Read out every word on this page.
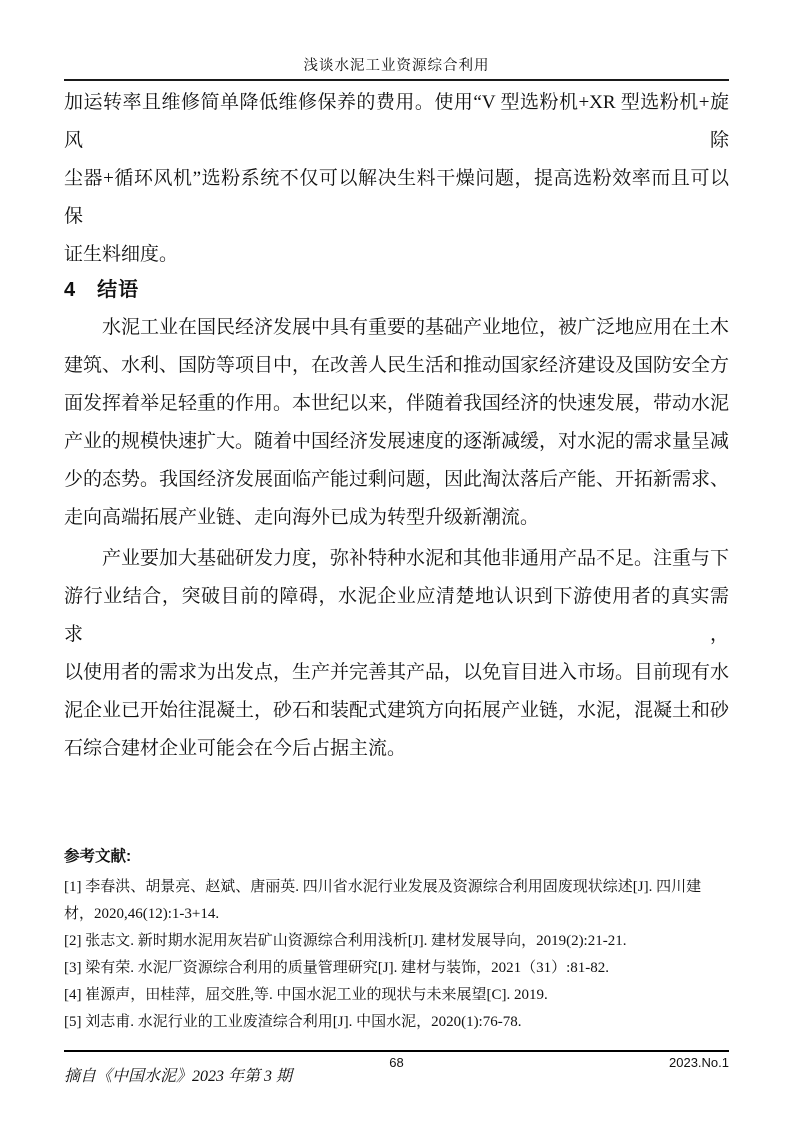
浅谈水泥工业资源综合利用
加运转率且维修简单降低维修保养的费用。使用“V 型选粉机+XR 型选粉机+旋风除
尘器+循环风机”选粉系统不仅可以解决生料干燥问题，提高选粉效率而且可以保
证生料细度。
4　结语
水泥工业在国民经济发展中具有重要的基础产业地位，被广泛地应用在土木
建筑、水利、国防等项目中，在改善人民生活和推动国家经济建设及国防安全方
面发挥着举足轻重的作用。本世纪以来，伴随着我国经济的快速发展，带动水泥
产业的规模快速扩大。随着中国经济发展速度的逐渐减缓，对水泥的需求量呈减
少的态势。我国经济发展面临产能过剩问题，因此淘汰落后产能、开拓新需求、
走向高端拓展产业链、走向海外已成为转型升级新潮流。
产业要加大基础研发力度，弥补特种水泥和其他非通用产品不足。注重与下
游行业结合，突破目前的障碍，水泥企业应清楚地认识到下游使用者的真实需求，
以使用者的需求为出发点，生产并完善其产品，以免盲目进入市场。目前现有水
泥企业已开始往混凝土，砂石和装配式建筑方向拓展产业链，水泥，混凝土和砂
石综合建材企业可能会在今后占据主流。
参考文献:
[1] 李春洪、胡景亮、赵斌、唐丽英. 四川省水泥行业发展及资源综合利用固废现状综述[J]. 四川建材，2020,46(12):1-3+14.
[2] 张志文. 新时期水泥用灰岩矿山资源综合利用浅析[J]. 建材发展导向，2019(2):21-21.
[3] 梁有荣. 水泥厂资源综合利用的质量管理研究[J]. 建材与装饰，2021（31）:81-82.
[4] 崔源声，田桂萍，屈交胜,等. 中国水泥工业的现状与未来展望[C]. 2019.
[5] 刘志甫. 水泥行业的工业废渣综合利用[J]. 中国水泥，2020(1):76-78.
摘自《中国水泥》2023 年第 3 期
68	2023.No.1
